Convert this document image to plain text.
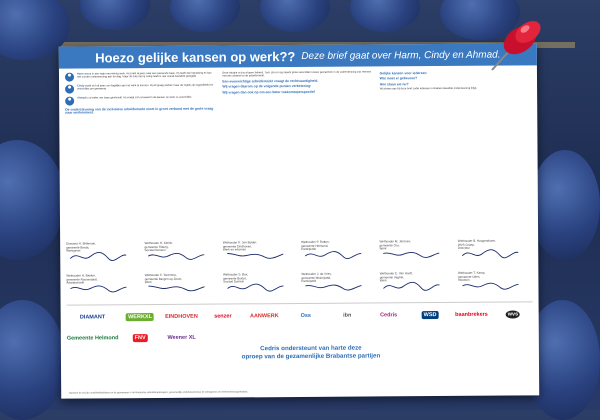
Hoezo gelijke kansen op werk?? Deze brief gaat over Harm, Cindy en Ahmad.
Harm woont in een regio met weinig werk. Hij zoekt al jaren naar een passende baan. Hij heeft een beperking en kan niet zonder ondersteuning aan de slag. Maar de hulp die hij nodig heeft is niet overal hetzelfde geregeld.
Cindy woelt zich al jaren om dagelijks aan het werk te kunnen. Zij wil graag werken maar de regels zijn ingewikkeld en verschillen per gemeente.
Ahmad is al vaker van baan gewisseld. Hij vraagt zich af waarom de kansen op werk zo verschillen.
De ondersteuning van de inclusieve arbeidsmarkt moet in groot verband met de grote vraag naar werknemers.
Deze situatie is dus al jaren bekend. Toch zijn er nog steeds grote verschillen tussen gemeenten in de ondersteuning van mensen met een afstand tot de arbeidsmarkt.
Een evenwichtige arbeidsmarkt vraagt de rechtvaardigheid.
Wij vragen daarom op de volgende punten verbetering:
Wij vragen dan ook op om een beter toekomstperspectief
Gelijke kansen voor iedereen
Wat moet er gebeuren?
Hoe staan we nu?
Wij sluiten aan bij deze brief zodat iedereen in Brabant dezelfde ondersteuning krijgt.
Directeur A. Brilleman,
gemeente Breda,
Werkgever
Wethouder H. Kleinh,
gemeente Tilburg,
Sociaal Domein
Wethouder K. Jan Bolder,
gemeente Eindhoven,
Werk en inkomen
Wethouder P. Rutten,
gemeente Helmond,
Participatie
Wethouder M. Janssen,
gemeente Oss,
Werk
Wethouder B. Hoogendoorn,
WVS Groep,
Directeur
Wethouder H. Bakker,
gemeente Roosendaal,
Arbeidsmarkt
Wethouder F. Torenstra,
gemeente Bergen op Zoom,
Werk
Wethouder S. Bax,
gemeente Boxtel,
Sociaal Domein
Wethouder J. de Vries,
gemeente Meierijstad,
Participatie
Wethouder E. Van Hooft,
gemeente Veghel,
Werk
Wethouder T. Kamp,
gemeente Uden,
Inkomen
DIAMANT	WERKXL	EINDHOVEN	senzer	AANWERK	Oss	ibn	Cedris	WSD	baanbrekers	wvs
Gemeente Helmond	FNV	Weener XL
Cedris ondersteunt van harte deze
oproep van de gezamenlijke Brabantse partijen
Namens de sociale ontwikkelbedrijven en de gemeenten in de Brabantse arbeidsmarktregio's, gezamenlijk ondertekend door de werkgevers en werknemersorganisaties.
